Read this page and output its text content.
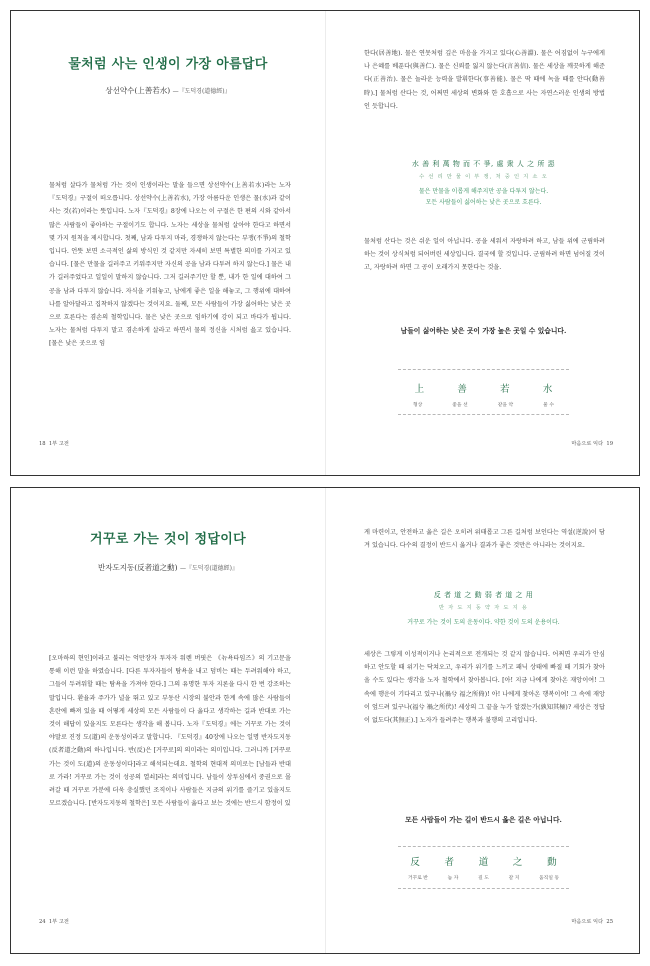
물처럼 사는 인생이 가장 아름답다
상선약수(上善若水) —『도덕경(道德經)』

물처럼 살다가 물처럼 가는 것이 인생이라는 말을 들으면 상선약수(上善若水)라는 노자『도덕경』구절이 떠오릅니다. 상선약수(上善若水), 가장 아름다운 인생은 물(水)과 같이 사는 것(若)이라는 뜻입니다. 노자『도덕경』8장에 나오는 이 구절은 한 편의 시와 같아서 많은 사람들이 좋아하는 구절이기도 합니다. 노자는 세상을 물처럼 살아야 한다고 하면서 몇 가지 원칙을 제시합니다. 첫째, 남과 다투지 마라, 경쟁하지 않는다는 부쟁(不爭)의 철학입니다. 언뜻 보면 소극적인 삶의 방식인 것 같지만 자세히 보면 특별한 의미를 가지고 있습니다. [물은 만물을 길러주고 키워주지만 자신의 공을 남과 다투려 하지 않는다.] 물은 내가 길러주었다고 일일이 말하지 않습니다. 그저 길러주기만 할 뿐, 내가 한 일에 대하여 그 공을 남과 다투지 않습니다. 자식을 키워놓고, 남에게 좋은 일을 해놓고, 그 행위에 대하여 나를 알아달라고 집착하지 않겠다는 것이지요. 둘째, 모든 사람들이 가장 싫어하는 낮은 곳으로 흐른다는 겸손의 철학입니다. 물은 낮은 곳으로 임하기에 강이 되고 바다가 됩니다. 노자는 물처럼 다투지 말고 겸손하게 살라고 하면서 물의 정신을 시처럼 읊고 있습니다. [물은 낮은 곳으로 임

18 1부 고전

한다(居善地). 물은 연못처럼 깊은 마음을 가지고 있다(心善淵). 물은 어짐없이 누구에게나 은혜를 베푼다(與善仁). 물은 신뢰를 잃지 않는다(言善信). 물은 세상을 깨끗하게 해준다(正善治). 물은 놀라운 능력을 발휘한다(事善能). 물은 딱 때에 녹을 때를 안다(動善時).] 물처럼 산다는 것, 어쩌면 세상의 변화와 한 호흡으로 사는 자연스러운 인생의 방법인 듯합니다.

水 善 利 萬 物 而 不 爭, 處 衆 人 之 所 惡
수 선 리 만 물 이 부 쟁, 처 중 인 지 소 오
물은 만물을 이롭게 해주지만 공을 다투지 않는다.
모든 사람들이 싫어하는 낮은 곳으로 흐른다.

물처럼 산다는 것은 쉬운 일이 아닙니다. 공을 세워서 자랑하려 하고, 남들 위에 군림하려 하는 것이 상식처럼 되어버린 세상입니다. 결국에 할 것입니다. 군림하려 하면 넘어질 것이고, 자랑하려 하면 그 공이 오래가지 못한다는 것을.

남들이 싫어하는 낮은 곳이 가장 높은 곳일 수 있습니다.
上	善	若	水
형상	좋을 선	같을 약	물 수
마음으로 익다 19
거꾸로 가는 것이 정답이다
반자도지동(反者道之動) —『도덕경(道德經)』

[오마하의 현인]이라고 불리는 억만장자 투자자 워렌 버핏은 《뉴욕타임즈》의 기고문을 통해 이런 말을 하였습니다. [다른 투자자들이 탐욕을 내고 덤비는 때는 두려워해야 하고, 그들이 두려워할 때는 탐욕을 가져야 한다.] 그의 유명한 투자 지론을 다시 한 번 강조하는 말입니다. 환율과 주가가 널을 뛰고 있고 부동산 시장의 불안과 한계 속에 많은 사람들이 혼란에 빠져 있을 때 어떻게 세상의 모든 사람들이 다 옳다고 생각하는 길과 반대로 가는 것이 해답이 있을지도 모른다는 생각을 해 봅니다. 노자『도덕경』에는 거꾸로 가는 것이야말로 진정 도(道)의 운동성이라고 말합니다. 『도덕경』40장에 나오는 일명 반자도지동(反者道之動)의 하나입니다. 반(反)은 [거꾸로]의 의미라는 의미입니다. 그러니까 [거꾸로 가는 것이 도(道)의 운동성이다]라고 해석되는데요. 철학의 현대적 의미로는 [남들과 반대로 가라! 거꾸로 가는 것이 성공의 열쇠]라는 의미입니다. 남들이 상투심에서 중권으로 몰려갈 때 거꾸로 가분에 더욱 충실했던 조직이나 사람들은 지금의 위기를 즐기고 있을지도 모르겠습니다. [반자도지동의 철학은] 모든 사람들이 옳다고 보는 것에는 반드시 함정이 있

24 1부 고전

게 마련이고, 안전하고 옳은 길은 오히려 위태롭고 그른 길처럼 보인다는 역설(逆說)이 담겨 있습니다. 다수의 결정이 반드시 옳거나 결과가 좋은 것만은 아니라는 것이지요.

反 者 道 之 動 弱 者 道 之 用
반 자 도 지 동 약 자 도 지 용
거꾸로 가는 것이 도의 운동이다. 약한 것이 도의 운용이다.

세상은 그렇게 이성적이거나 논리적으로 전개되는 것 같지 않습니다. 어쩌면 우리가 안심하고 안도할 때 위기는 닥쳐오고, 우리가 위기를 느끼고 패닉 상태에 빠질 때 기회가 찾아올 수도 있다는 생각을 노자 철학에서 찾아봅니다. [아! 지금 나에게 찾아온 재앙이여! 그 속에 행운이 기다리고 있구나(禍兮 福之所倚)! 아! 나에게 찾아온 행복이여! 그 속에 재앙이 엎드려 있구나(福兮 禍之所伏)! 세상의 그 끝을 누가 알겠는가(孰知其極)? 세상은 정답이 없도다(其無正).] 노자가 들려주는 행복과 불행의 고리입니다.

모든 사람들이 가는 길이 반드시 옳은 길은 아닙니다.
反	者	道	之	動
거꾸로 반	놈 자	길 도	갈 지	움직일 동
마음으로 익다 25
